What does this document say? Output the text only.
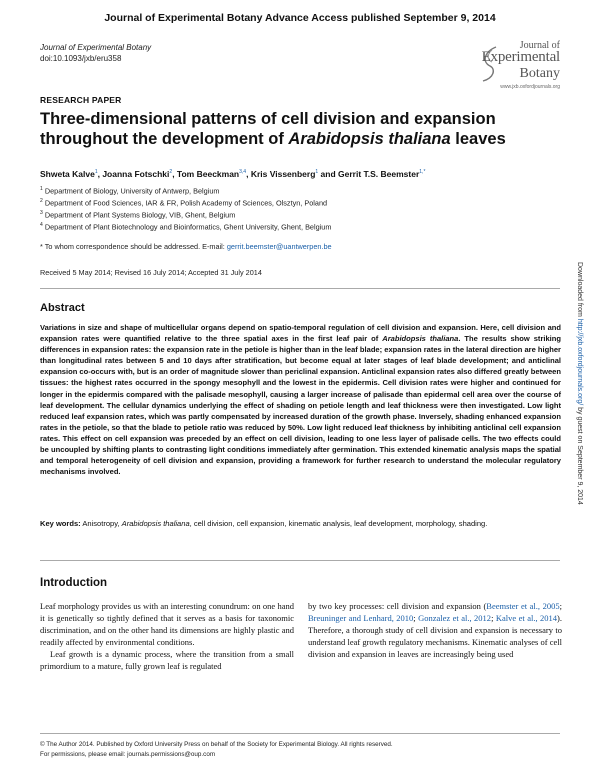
Journal of Experimental Botany Advance Access published September 9, 2014
Journal of Experimental Botany
doi:10.1093/jxb/eru358
Journal of
Experimental
Botany
www.jxb.oxfordjournals.org
RESEARCH PAPER
Three-dimensional patterns of cell division and expansion throughout the development of Arabidopsis thaliana leaves
Shweta Kalve$^1$, Joanna Fotschki$^2$, Tom Beeckman$^{3,4}$, Kris Vissenberg$^1$ and Gerrit T.S. Beemster$^{1,*}$
$^1$ Department of Biology, University of Antwerp, Belgium
$^2$ Department of Food Sciences, IAR & FR, Polish Academy of Sciences, Olsztyn, Poland
$^3$ Department of Plant Systems Biology, VIB, Ghent, Belgium
$^4$ Department of Plant Biotechnology and Bioinformatics, Ghent University, Ghent, Belgium
* To whom correspondence should be addressed. E-mail: gerrit.beemster@uantwerpen.be
Received 5 May 2014; Revised 16 July 2014; Accepted 31 July 2014
Abstract
Variations in size and shape of multicellular organs depend on spatio-temporal regulation of cell division and expansion. Here, cell division and expansion rates were quantified relative to the three spatial axes in the first leaf pair of Arabidopsis thaliana. The results show striking differences in expansion rates: the expansion rate in the petiole is higher than in the leaf blade; expansion rates in the lateral direction are higher than longitudinal rates between 5 and 10 days after stratification, but become equal at later stages of leaf blade development; and anticlinal expansion co-occurs with, but is an order of magnitude slower than periclinal expansion. Anticlinal expansion rates also differed greatly between tissues: the highest rates occurred in the spongy mesophyll and the lowest in the epidermis. Cell division rates were higher and continued for longer in the epidermis compared with the palisade mesophyll, causing a larger increase of palisade than epidermal cell area over the course of leaf development. The cellular dynamics underlying the effect of shading on petiole length and leaf thickness were then investigated. Low light reduced leaf expansion rates, which was partly compensated by increased duration of the growth phase. Inversely, shading enhanced expansion rates in the petiole, so that the blade to petiole ratio was reduced by 50%. Low light reduced leaf thickness by inhibiting anticlinal cell expansion rates. This effect on cell expansion was preceded by an effect on cell division, leading to one less layer of palisade cells. The two effects could be uncoupled by shifting plants to contrasting light conditions immediately after germination. This extended kinematic analysis maps the spatial and temporal heterogeneity of cell division and expansion, providing a framework for further research to understand the molecular regulatory mechanisms involved.
Key words: Anisotropy, Arabidopsis thaliana, cell division, cell expansion, kinematic analysis, leaf development, morphology, shading.
Introduction
Leaf morphology provides us with an interesting conundrum: on one hand it is genetically so tightly defined that it serves as a basis for taxonomic discrimination, and on the other hand its dimensions are highly plastic and readily affected by environmental conditions.
Leaf growth is a dynamic process, where the transition from a small primordium to a mature, fully grown leaf is regulated
by two key processes: cell division and expansion (Beemster et al., 2005; Breuninger and Lenhard, 2010; Gonzalez et al., 2012; Kalve et al., 2014). Therefore, a thorough study of cell division and expansion is necessary to understand leaf growth regulatory mechanisms. Kinematic analyses of cell division and expansion in leaves are increasingly being used
© The Author 2014. Published by Oxford University Press on behalf of the Society for Experimental Biology. All rights reserved.
For permissions, please email: journals.permissions@oup.com
Downloaded from http://jxb.oxfordjournals.org/ by guest on September 9, 2014
